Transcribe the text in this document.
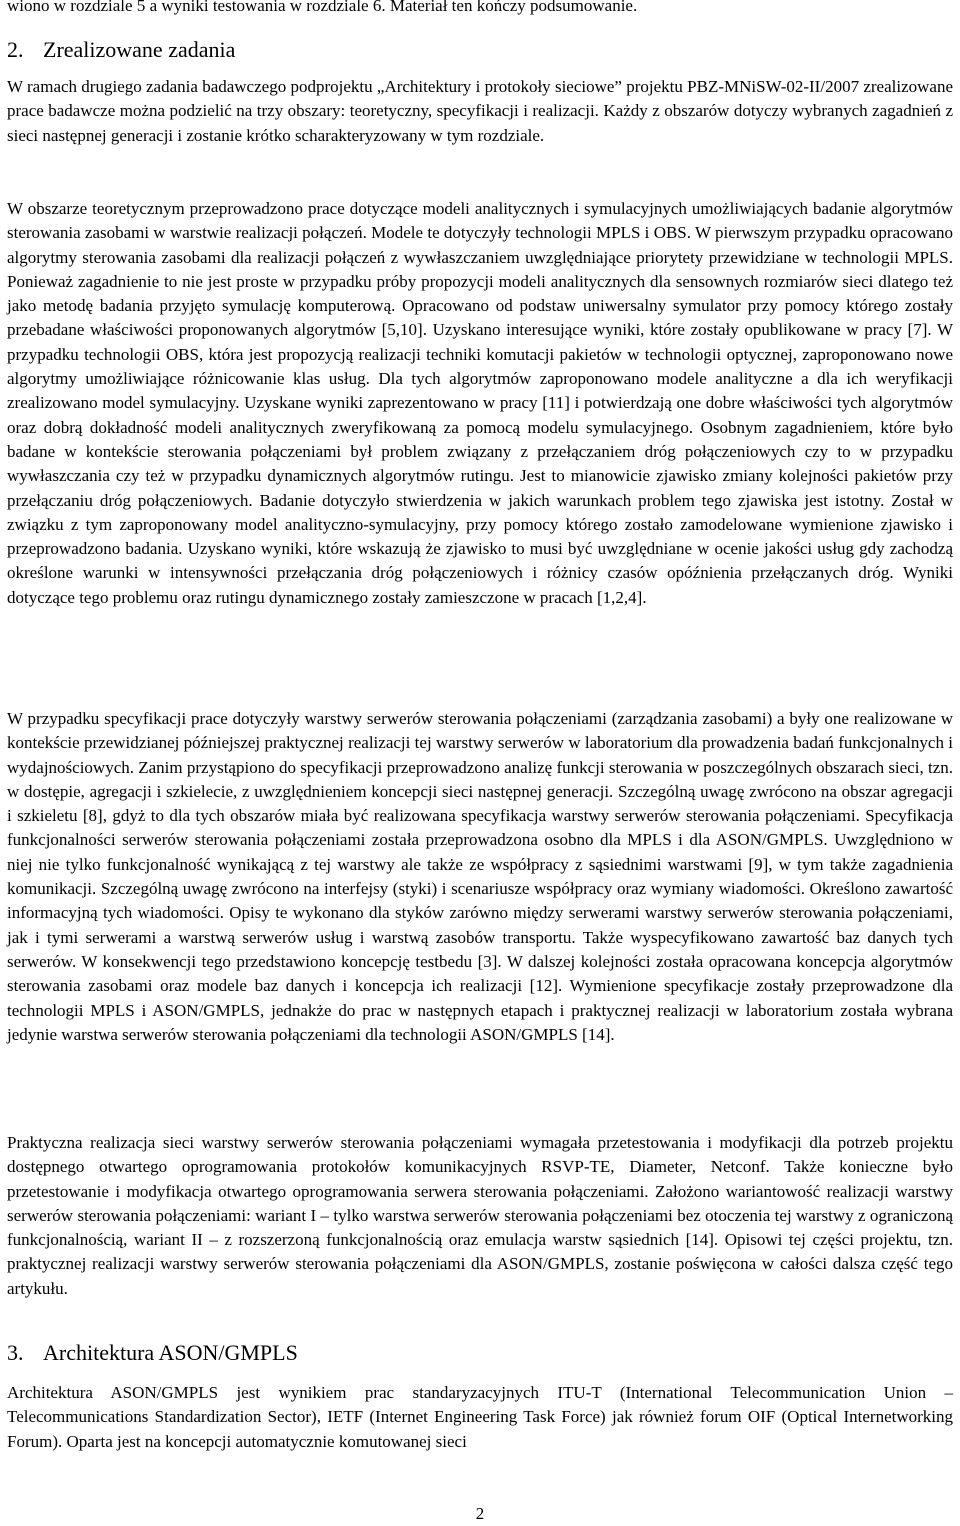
wiono w rozdziale 5 a wyniki testowania w rozdziale 6. Materiał ten kończy podsumowanie.

2. Zrealizowane zadania

W ramach drugiego zadania badawczego podprojektu „Architektury i protokoły sieciowe” projektu PBZ-MNiSW-02-II/2007 zrealizowane prace badawcze można podzielić na trzy obszary: teoretyczny, specyfikacji i realizacji. Każdy z obszarów dotyczy wybranych zagadnień z sieci następnej generacji i zostanie krótko scharakteryzowany w tym rozdziale.

W obszarze teoretycznym przeprowadzono prace dotyczące modeli analitycznych i symulacyjnych umożliwiających badanie algorytmów sterowania zasobami w warstwie realizacji połączeń. Modele te dotyczyły technologii MPLS i OBS. W pierwszym przypadku opracowano algorytmy sterowania zasobami dla realizacji połączeń z wywłaszczaniem uwzględniające priorytety przewidziane w technologii MPLS. Ponieważ zagadnienie to nie jest proste w przypadku próby propozycji modeli analitycznych dla sensownych rozmiarów sieci dlatego też jako metodę badania przyjęto symulację komputerową. Opracowano od podstaw uniwersalny symulator przy pomocy którego zostały przebadane właściwości proponowanych algorytmów [5,10]. Uzyskano interesujące wyniki, które zostały opublikowane w pracy [7]. W przypadku technologii OBS, która jest propozycją realizacji techniki komutacji pakietów w technologii optycznej, zaproponowano nowe algorytmy umożliwiające różnicowanie klas usług. Dla tych algorytmów zaproponowano modele analityczne a dla ich weryfikacji zrealizowano model symulacyjny. Uzyskane wyniki zaprezentowano w pracy [11] i potwierdzają one dobre właściwości tych algorytmów oraz dobrą dokładność modeli analitycznych zweryfikowaną za pomocą modelu symulacyjnego. Osobnym zagadnieniem, które było badane w kontekście sterowania połączeniami był problem związany z przełączaniem dróg połączeniowych czy to w przypadku wywłaszczania czy też w przypadku dynamicznych algorytmów rutingu. Jest to mianowicie zjawisko zmiany kolejności pakietów przy przełączaniu dróg połączeniowych. Badanie dotyczyło stwierdzenia w jakich warunkach problem tego zjawiska jest istotny. Został w związku z tym zaproponowany model analityczno-symulacyjny, przy pomocy którego zostało zamodelowane wymienione zjawisko i przeprowadzono badania. Uzyskano wyniki, które wskazują że zjawisko to musi być uwzględniane w ocenie jakości usług gdy zachodzą określone warunki w intensywności przełączania dróg połączeniowych i różnicy czasów opóźnienia przełączanych dróg. Wyniki dotyczące tego problemu oraz rutingu dynamicznego zostały zamieszczone w pracach [1,2,4].

W przypadku specyfikacji prace dotyczyły warstwy serwerów sterowania połączeniami (zarządzania zasobami) a były one realizowane w kontekście przewidzianej późniejszej praktycznej realizacji tej warstwy serwerów w laboratorium dla prowadzenia badań funkcjonalnych i wydajnościowych. Zanim przystąpiono do specyfikacji przeprowadzono analizę funkcji sterowania w poszczególnych obszarach sieci, tzn. w dostępie, agregacji i szkielecie, z uwzględnieniem koncepcji sieci następnej generacji. Szczególną uwagę zwrócono na obszar agregacji i szkieletu [8], gdyż to dla tych obszarów miała być realizowana specyfikacja warstwy serwerów sterowania połączeniami. Specyfikacja funkcjonalności serwerów sterowania połączeniami została przeprowadzona osobno dla MPLS i dla ASON/GMPLS. Uwzględniono w niej nie tylko funkcjonalność wynikającą z tej warstwy ale także ze współpracy z sąsiednimi warstwami [9], w tym także zagadnienia komunikacji. Szczególną uwagę zwrócono na interfejsy (styki) i scenariusze współpracy oraz wymiany wiadomości. Określono zawartość informacyjną tych wiadomości. Opisy te wykonano dla styków zarówno między serwerami warstwy serwerów sterowania połączeniami, jak i tymi serwerami a warstwą serwerów usług i warstwą zasobów transportu. Także wyspecyfikowano zawartość baz danych tych serwerów. W konsekwencji tego przedstawiono koncepcję testbedu [3]. W dalszej kolejności została opracowana koncepcja algorytmów sterowania zasobami oraz modele baz danych i koncepcja ich realizacji [12]. Wymienione specyfikacje zostały przeprowadzone dla technologii MPLS i ASON/GMPLS, jednakże do prac w następnych etapach i praktycznej realizacji w laboratorium została wybrana jedynie warstwa serwerów sterowania połączeniami dla technologii ASON/GMPLS [14].

Praktyczna realizacja sieci warstwy serwerów sterowania połączeniami wymagała przetestowania i modyfikacji dla potrzeb projektu dostępnego otwartego oprogramowania protokołów komunikacyjnych RSVP-TE, Diameter, Netconf. Także konieczne było przetestowanie i modyfikacja otwartego oprogramowania serwera sterowania połączeniami. Założono wariantowość realizacji warstwy serwerów sterowania połączeniami: wariant I – tylko warstwa serwerów sterowania połączeniami bez otoczenia tej warstwy z ograniczoną funkcjonalnością, wariant II – z rozszerzoną funkcjonalnością oraz emulacja warstw sąsiednich [14]. Opisowi tej części projektu, tzn. praktycznej realizacji warstwy serwerów sterowania połączeniami dla ASON/GMPLS, zostanie poświęcona w całości dalsza część tego artykułu.

3. Architektura ASON/GMPLS

Architektura ASON/GMPLS jest wynikiem prac standaryzacyjnych ITU-T (International Telecommunication Union – Telecommunications Standardization Sector), IETF (Internet Engineering Task Force) jak również forum OIF (Optical Internetworking Forum). Oparta jest na koncepcji automatycznie komutowanej sieci

2
